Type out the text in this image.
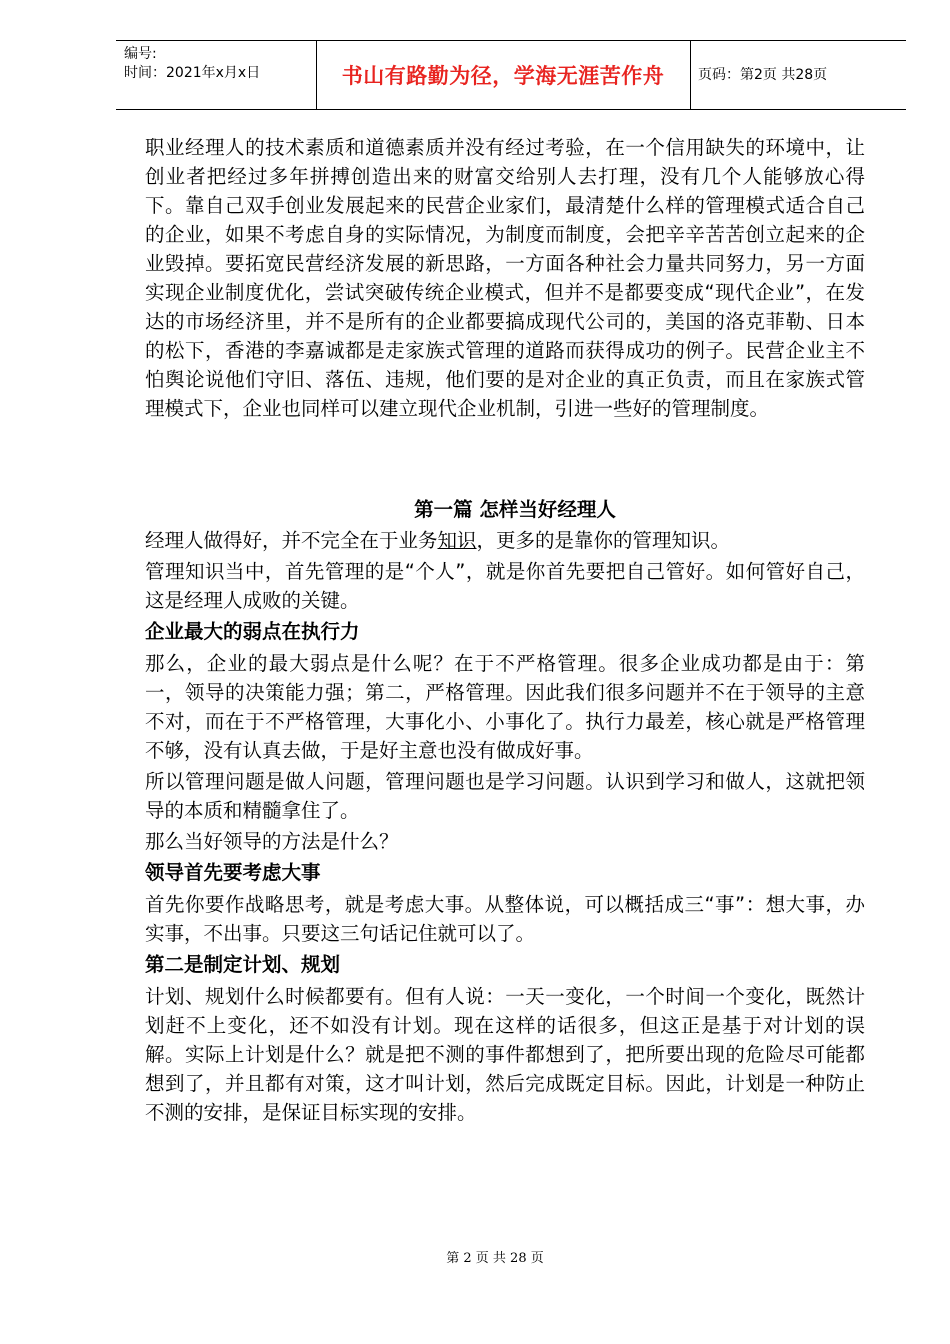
编号:
时间：2021年x月x日	书山有路勤为径，学海无涯苦作舟	页码：第2页 共28页

职业经理人的技术素质和道德素质并没有经过考验，在一个信用缺失的环境中，让创业者把经过多年拼搏创造出来的财富交给别人去打理，没有几个人能够放心得下。靠自己双手创业发展起来的民营企业家们，最清楚什么样的管理模式适合自己的企业，如果不考虑自身的实际情况，为制度而制度，会把辛辛苦苦创立起来的企业毁掉。要拓宽民营经济发展的新思路，一方面各种社会力量共同努力，另一方面实现企业制度优化，尝试突破传统企业模式，但并不是都要变成“现代企业”，在发达的市场经济里，并不是所有的企业都要搞成现代公司的，美国的洛克菲勒、日本的松下，香港的李嘉诚都是走家族式管理的道路而获得成功的例子。民营企业主不怕舆论说他们守旧、落伍、违规，他们要的是对企业的真正负责，而且在家族式管理模式下，企业也同样可以建立现代企业机制，引进一些好的管理制度。

第一篇 怎样当好经理人

经理人做得好，并不完全在于业务知识，更多的是靠你的管理知识。

管理知识当中，首先管理的是“个人”，就是你首先要把自己管好。如何管好自己，这是经理人成败的关键。

企业最大的弱点在执行力

那么，企业的最大弱点是什么呢？在于不严格管理。很多企业成功都是由于：第一，领导的决策能力强；第二，严格管理。因此我们很多问题并不在于领导的主意不对，而在于不严格管理，大事化小、小事化了。执行力最差，核心就是严格管理不够，没有认真去做，于是好主意也没有做成好事。

所以管理问题是做人问题，管理问题也是学习问题。认识到学习和做人，这就把领导的本质和精髓拿住了。

那么当好领导的方法是什么？

领导首先要考虑大事

首先你要作战略思考，就是考虑大事。从整体说，可以概括成三“事”：想大事，办实事，不出事。只要这三句话记住就可以了。

第二是制定计划、规划

计划、规划什么时候都要有。但有人说：一天一变化，一个时间一个变化，既然计划赶不上变化，还不如没有计划。现在这样的话很多，但这正是基于对计划的误解。实际上计划是什么？就是把不测的事件都想到了，把所要出现的危险尽可能都想到了，并且都有对策，这才叫计划，然后完成既定目标。因此，计划是一种防止不测的安排，是保证目标实现的安排。

第 2 页 共 28 页
